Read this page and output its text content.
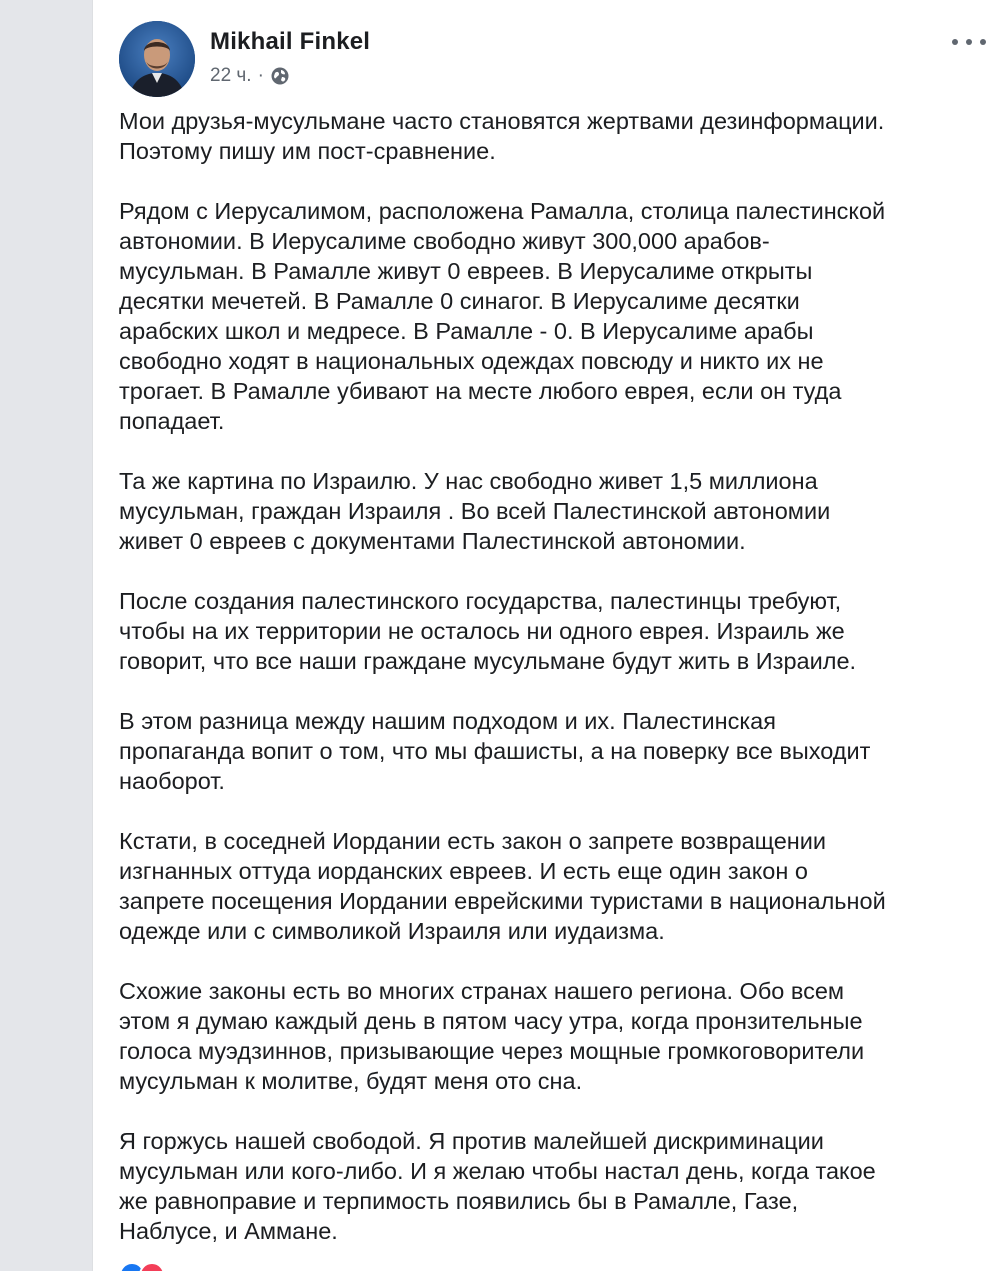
Mikhail Finkel
22 ч. ·

Мои друзья-мусульмане часто становятся жертвами дезинформации.
Поэтому пишу им пост-сравнение.

Рядом с Иерусалимом, расположена Рамалла, столица палестинской
автономии. В Иерусалиме свободно живут 300,000 арабов-
мусульман. В Рамалле живут 0 евреев. В Иерусалиме открыты
десятки мечетей. В Рамалле 0 синагог. В Иерусалиме десятки
арабских школ и медресе. В Рамалле - 0. В Иерусалиме арабы
свободно ходят в национальных одеждах повсюду и никто их не
трогает. В Рамалле убивают на месте любого еврея, если он туда
попадает.

Та же картина по Израилю. У нас свободно живет 1,5 миллиона
мусульман, граждан Израиля . Во всей Палестинской автономии
живет 0 евреев с документами Палестинской автономии.

После создания палестинского государства, палестинцы требуют,
чтобы на их территории не осталось ни одного еврея. Израиль же
говорит, что все наши граждане мусульмане будут жить в Израиле.

В этом разница между нашим подходом и их. Палестинская
пропаганда вопит о том, что мы фашисты, а на поверку все выходит
наоборот.

Кстати, в соседней Иордании есть закон о запрете возвращении
изгнанных оттуда иорданских евреев. И есть еще один закон о
запрете посещения Иордании еврейскими туристами в национальной
одежде или с символикой Израиля или иудаизма.

Схожие законы есть во многих странах нашего региона. Обо всем
этом я думаю каждый день в пятом часу утра, когда пронзительные
голоса муэдзиннов, призывающие через мощные громкоговорители
мусульман к молитве, будят меня ото сна.

Я горжусь нашей свободой. Я против малейшей дискриминации
мусульман или кого-либо. И я желаю чтобы настал день, когда такое
же равноправие и терпимость появились бы в Рамалле, Газе,
Наблусе, и Аммане.
